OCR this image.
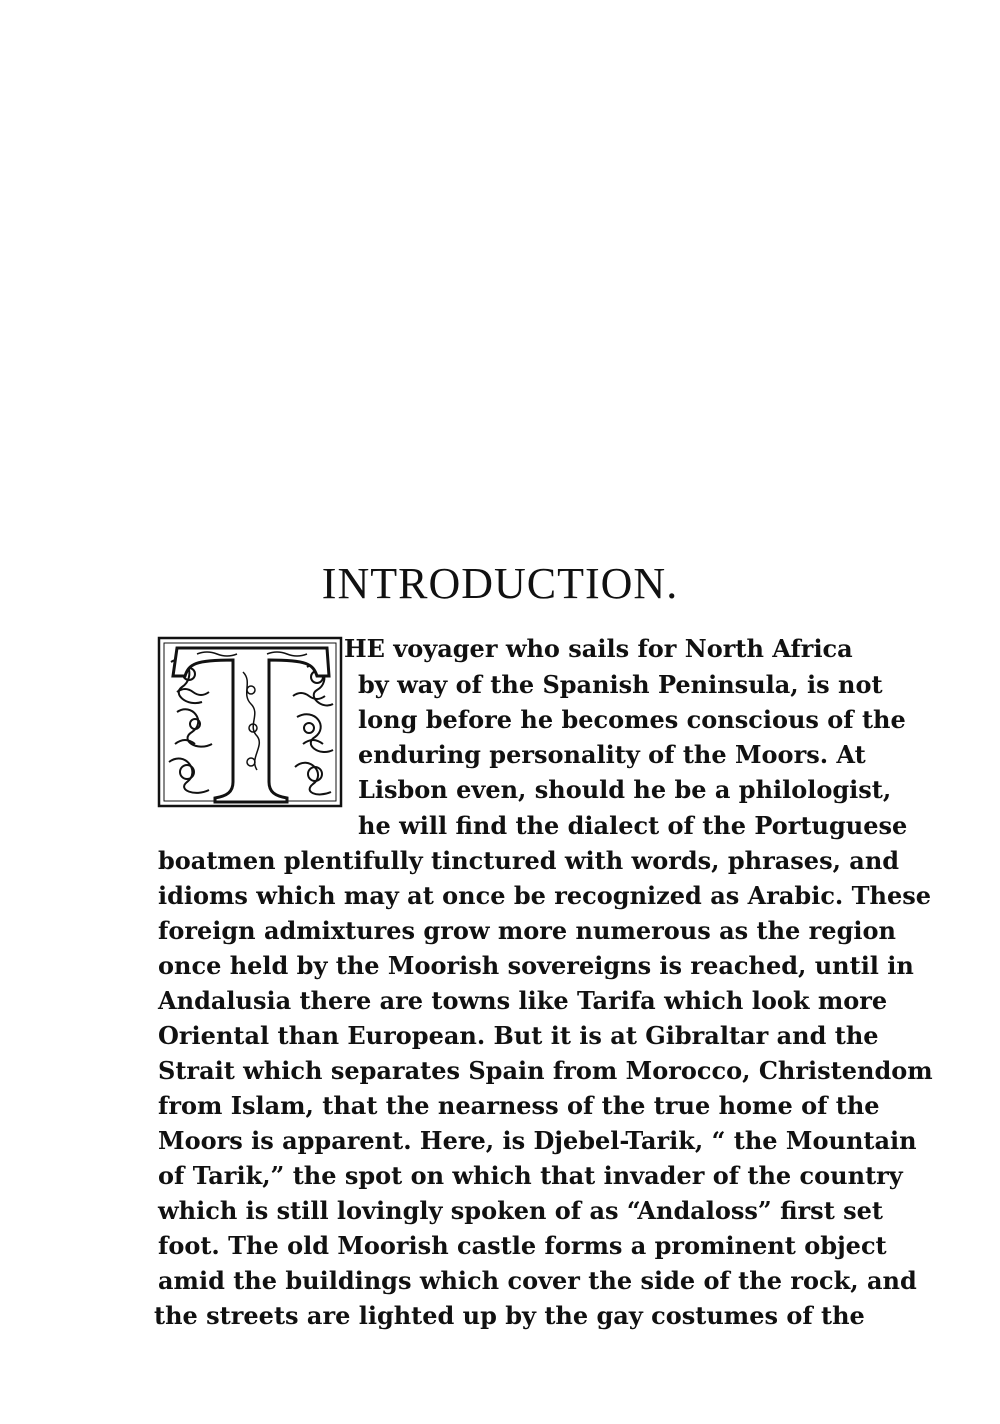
INTRODUCTION.
HE voyager who sails for North Africa
by way of the Spanish Peninsula, is not
long before he becomes conscious of the
enduring personality of the Moors. At
Lisbon even, should he be a philologist,
he will find the dialect of the Portuguese
boatmen plentifully tinctured with words, phrases, and
idioms which may at once be recognized as Arabic. These
foreign admixtures grow more numerous as the region
once held by the Moorish sovereigns is reached, until in
Andalusia there are towns like Tarifa which look more
Oriental than European. But it is at Gibraltar and the
Strait which separates Spain from Morocco, Christendom
from Islam, that the nearness of the true home of the
Moors is apparent. Here, is Djebel-Tarik, “ the Mountain
of Tarik,” the spot on which that invader of the country
which is still lovingly spoken of as “Andaloss” first set
foot. The old Moorish castle forms a prominent object
amid the buildings which cover the side of the rock, and
the streets are lighted up by the gay costumes of the
